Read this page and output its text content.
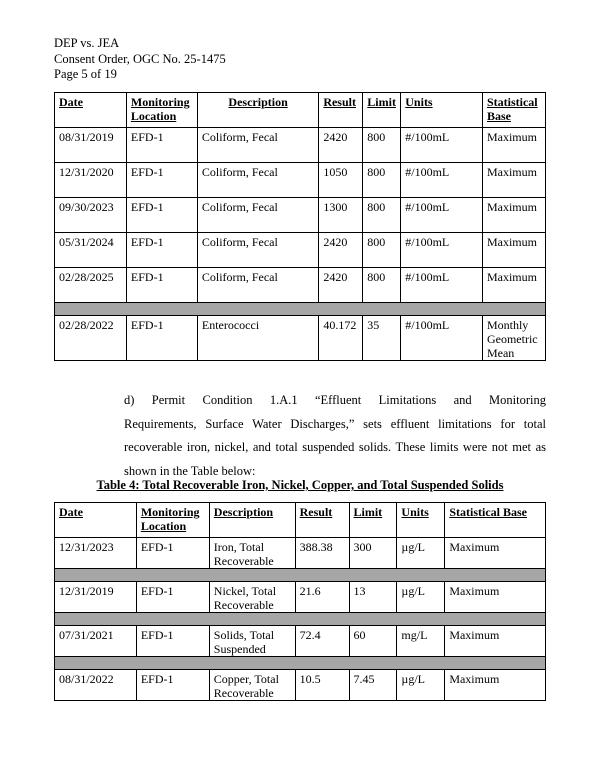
DEP vs. JEA
Consent Order, OGC No. 25-1475
Page 5 of 19
Date	Monitoring Location	Description	Result	Limit	Units	Statistical Base
08/31/2019	EFD-1	Coliform, Fecal	2420	800	#/100mL	Maximum
12/31/2020	EFD-1	Coliform, Fecal	1050	800	#/100mL	Maximum
09/30/2023	EFD-1	Coliform, Fecal	1300	800	#/100mL	Maximum
05/31/2024	EFD-1	Coliform, Fecal	2420	800	#/100mL	Maximum
02/28/2025	EFD-1	Coliform, Fecal	2420	800	#/100mL	Maximum

02/28/2022	EFD-1	Enterococci	40.172	35	#/100mL	Monthly Geometric Mean
d) Permit Condition 1.A.1 “Effluent Limitations and Monitoring
Requirements, Surface Water Discharges,” sets effluent limitations for total
recoverable iron, nickel, and total suspended solids. These limits were not met as
shown in the Table below:
Table 4: Total Recoverable Iron, Nickel, Copper, and Total Suspended Solids
Date	Monitoring Location	Description	Result	Limit	Units	Statistical Base
12/31/2023	EFD-1	Iron, Total Recoverable	388.38	300	µg/L	Maximum

12/31/2019	EFD-1	Nickel, Total Recoverable	21.6	13	µg/L	Maximum

07/31/2021	EFD-1	Solids, Total Suspended	72.4	60	mg/L	Maximum

08/31/2022	EFD-1	Copper, Total Recoverable	10.5	7.45	µg/L	Maximum
